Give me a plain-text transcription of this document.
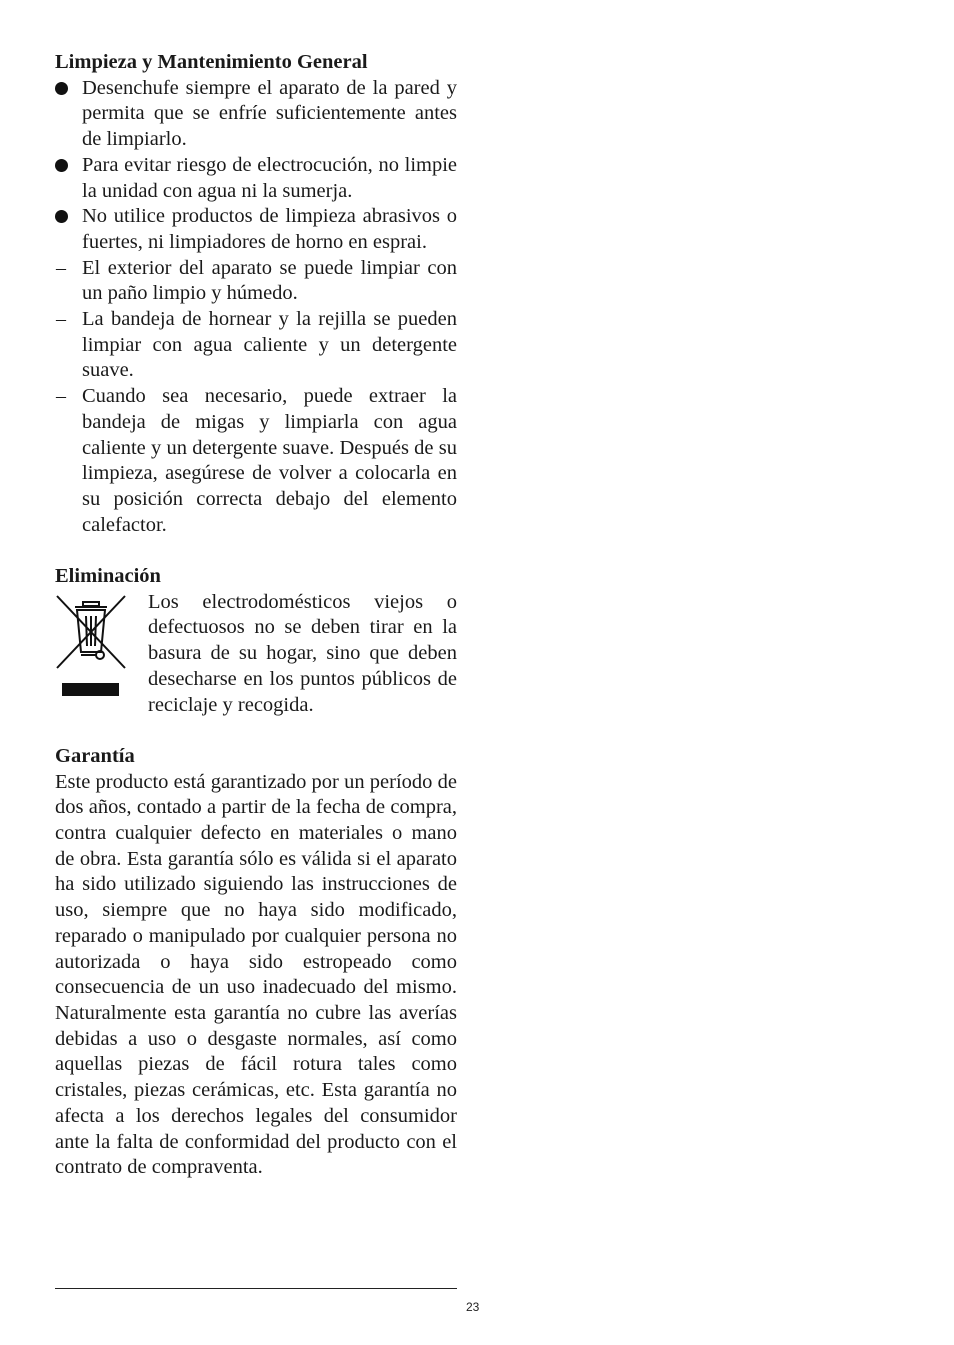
Limpieza y Mantenimiento General
Desenchufe siempre el aparato de la pared y permita que se enfríe suficientemente antes de limpiarlo.
Para evitar riesgo de electrocución, no limpie la unidad con agua ni la sumerja.
No utilice productos de limpieza abrasivos o fuertes, ni limpiadores de horno en esprai.
– El exterior del aparato se puede limpiar con un paño limpio y húmedo.
– La bandeja de hornear y la rejilla se pueden limpiar con agua caliente y un detergente suave.
– Cuando sea necesario, puede extraer la bandeja de migas y limpiarla con agua caliente y un detergente suave. Después de su limpieza, asegúrese de volver a colocarla en su posición correcta debajo del elemento calefactor.
Eliminación

Los electrodomésticos viejos o defectuosos no se deben tirar en la basura de su hogar, sino que deben desecharse en los puntos públicos de reciclaje y recogida.

Garantía

Este producto está garantizado por un período de dos años, contado a partir de la fecha de compra, contra cualquier defecto en materiales o mano de obra. Esta garantía sólo es válida si el aparato ha sido utilizado siguiendo las instrucciones de uso, siempre que no haya sido modificado, reparado o manipulado por cualquier persona no autorizada o haya sido estropeado como consecuencia de un uso inadecuado del mismo. Naturalmente esta garantía no cubre las averías debidas a uso o desgaste normales, así como aquellas piezas de fácil rotura tales como cristales, piezas cerámicas, etc. Esta garantía no afecta a los derechos legales del consumidor ante la falta de conformidad del producto con el contrato de compraventa.

23
